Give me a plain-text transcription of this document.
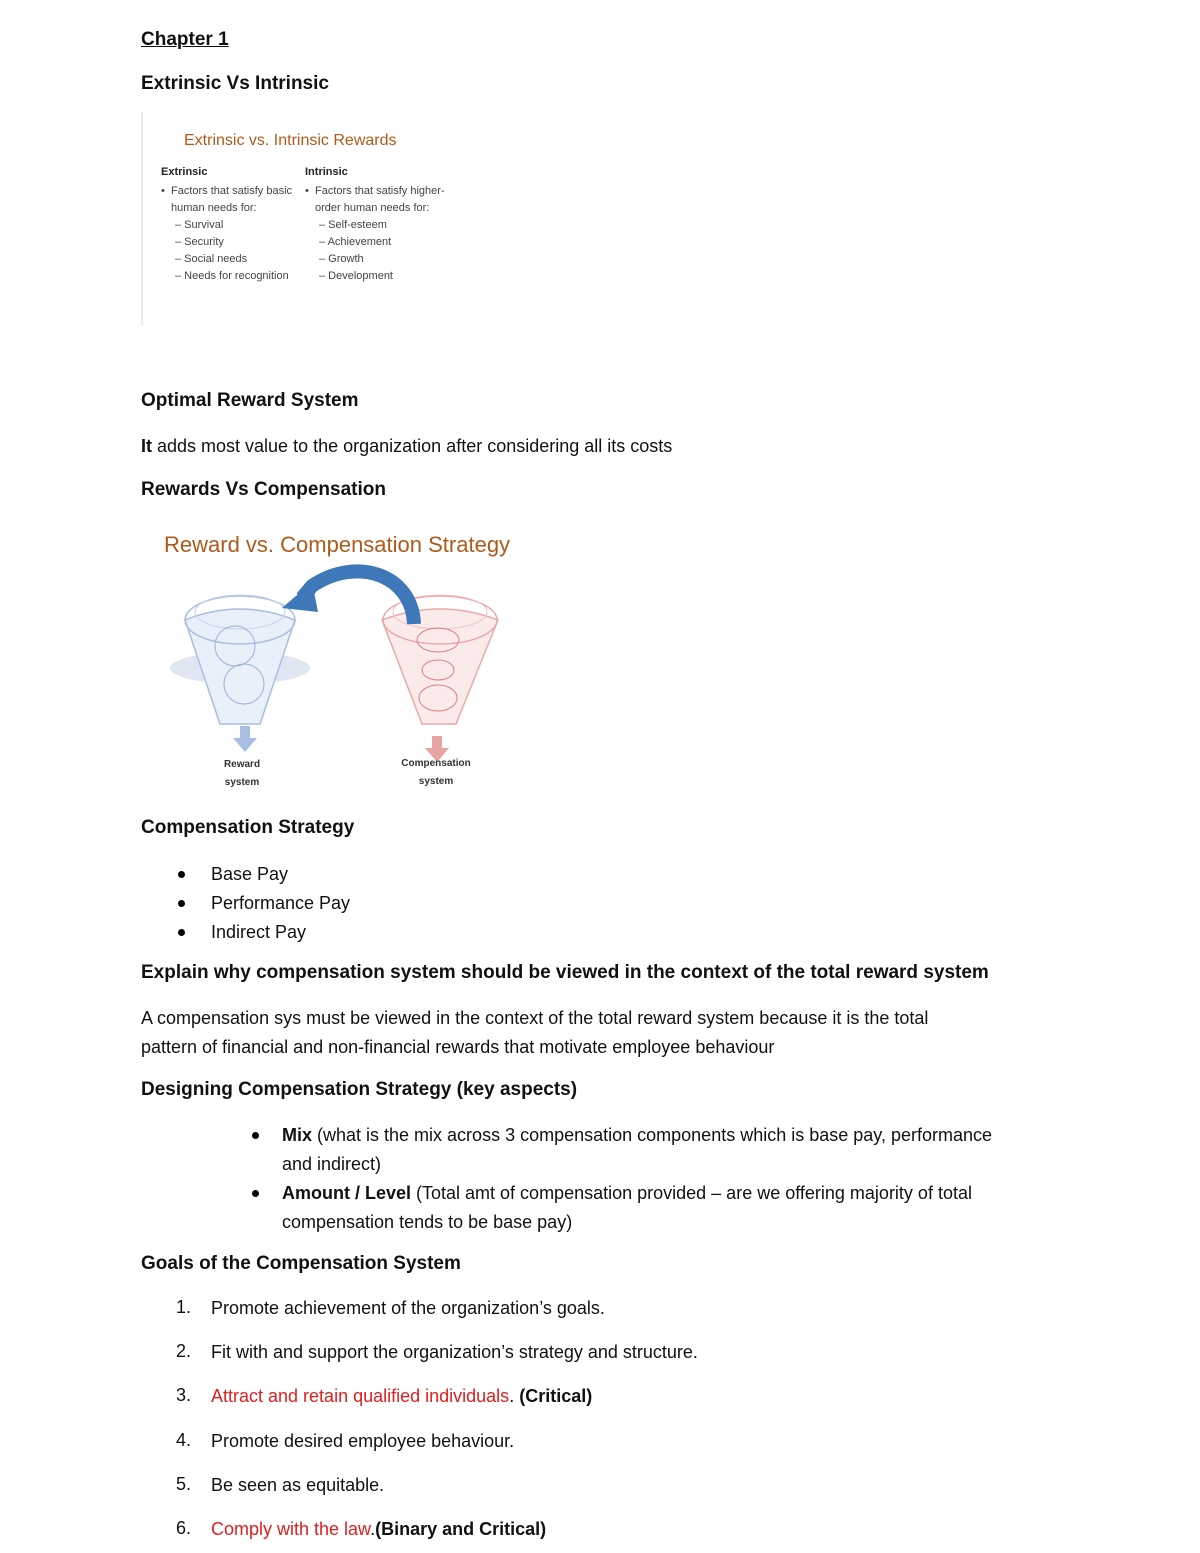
Chapter 1
Extrinsic Vs Intrinsic
Extrinsic vs. Intrinsic Rewards
Extrinsic
• Factors that satisfy basic human needs for:
– Survival
– Security
– Social needs
– Needs for recognition
Intrinsic
• Factors that satisfy higher-order human needs for:
– Self-esteem
– Achievement
– Growth
– Development
Optimal Reward System
It adds most value to the organization after considering all its costs
Rewards Vs Compensation
Reward vs. Compensation Strategy
Reward
system
Compensation
system
Compensation Strategy
Base Pay
Performance Pay
Indirect Pay
Explain why compensation system should be viewed in the context of the total reward system
A compensation sys must be viewed in the context of the total reward system because it is the total
pattern of financial and non-financial rewards that motivate employee behaviour
Designing Compensation Strategy (key aspects)
Mix (what is the mix across 3 compensation components which is base pay, performance
and indirect)
Amount / Level (Total amt of compensation provided – are we offering majority of total
compensation tends to be base pay)
Goals of the Compensation System
1. Promote achievement of the organization’s goals.
2. Fit with and support the organization’s strategy and structure.
3. Attract and retain qualified individuals. (Critical)
4. Promote desired employee behaviour.
5. Be seen as equitable.
6. Comply with the law.(Binary and Critical)
